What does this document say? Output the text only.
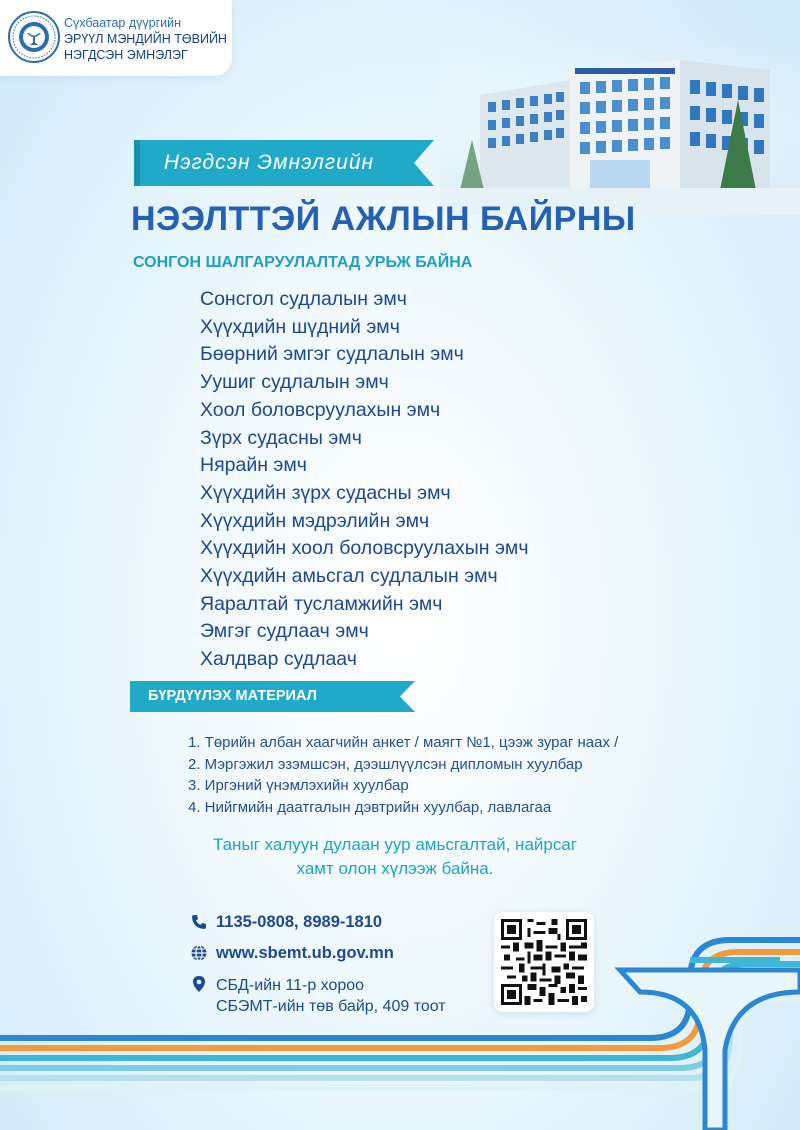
Сүхбаатар дүүргийн
ЭРҮҮЛ МЭНДИЙН ТӨВИЙН
НЭГДСЭН ЭМНЭЛЭГ
Нэгдсэн Эмнэлгийн
НЭЭЛТТЭЙ АЖЛЫН БАЙРНЫ
СОНГОН ШАЛГАРУУЛАЛТАД УРЬЖ БАЙНА
Сонсгол судлалын эмч
Хүүхдийн шүдний эмч
Бөөрний эмгэг судлалын эмч
Уушиг судлалын эмч
Хоол боловсруулахын эмч
Зүрх судасны эмч
Нярайн эмч
Хүүхдийн зүрх судасны эмч
Хүүхдийн мэдрэлийн эмч
Хүүхдийн хоол боловсруулахын эмч
Хүүхдийн амьсгал судлалын эмч
Яаралтай тусламжийн эмч
Эмгэг судлаач эмч
Халдвар судлаач
БҮРДҮҮЛЭХ МАТЕРИАЛ
1. Төрийн албан хаагчийн анкет / маягт №1, цээж зураг наах /
2. Мэргэжил эзэмшсэн, дээшлүүлсэн дипломын хуулбар
3. Иргэний үнэмлэхийн хуулбар
4. Нийгмийн даатгалын дэвтрийн хуулбар, лавлагаа
Таныг халуун дулаан уур амьсгалтай, найрсаг
хамт олон хүлээж байна.
1135-0808, 8989-1810
www.sbemt.ub.gov.mn
СБД-ийн 11-р хороо
СБЭМТ-ийн төв байр, 409 тоот
